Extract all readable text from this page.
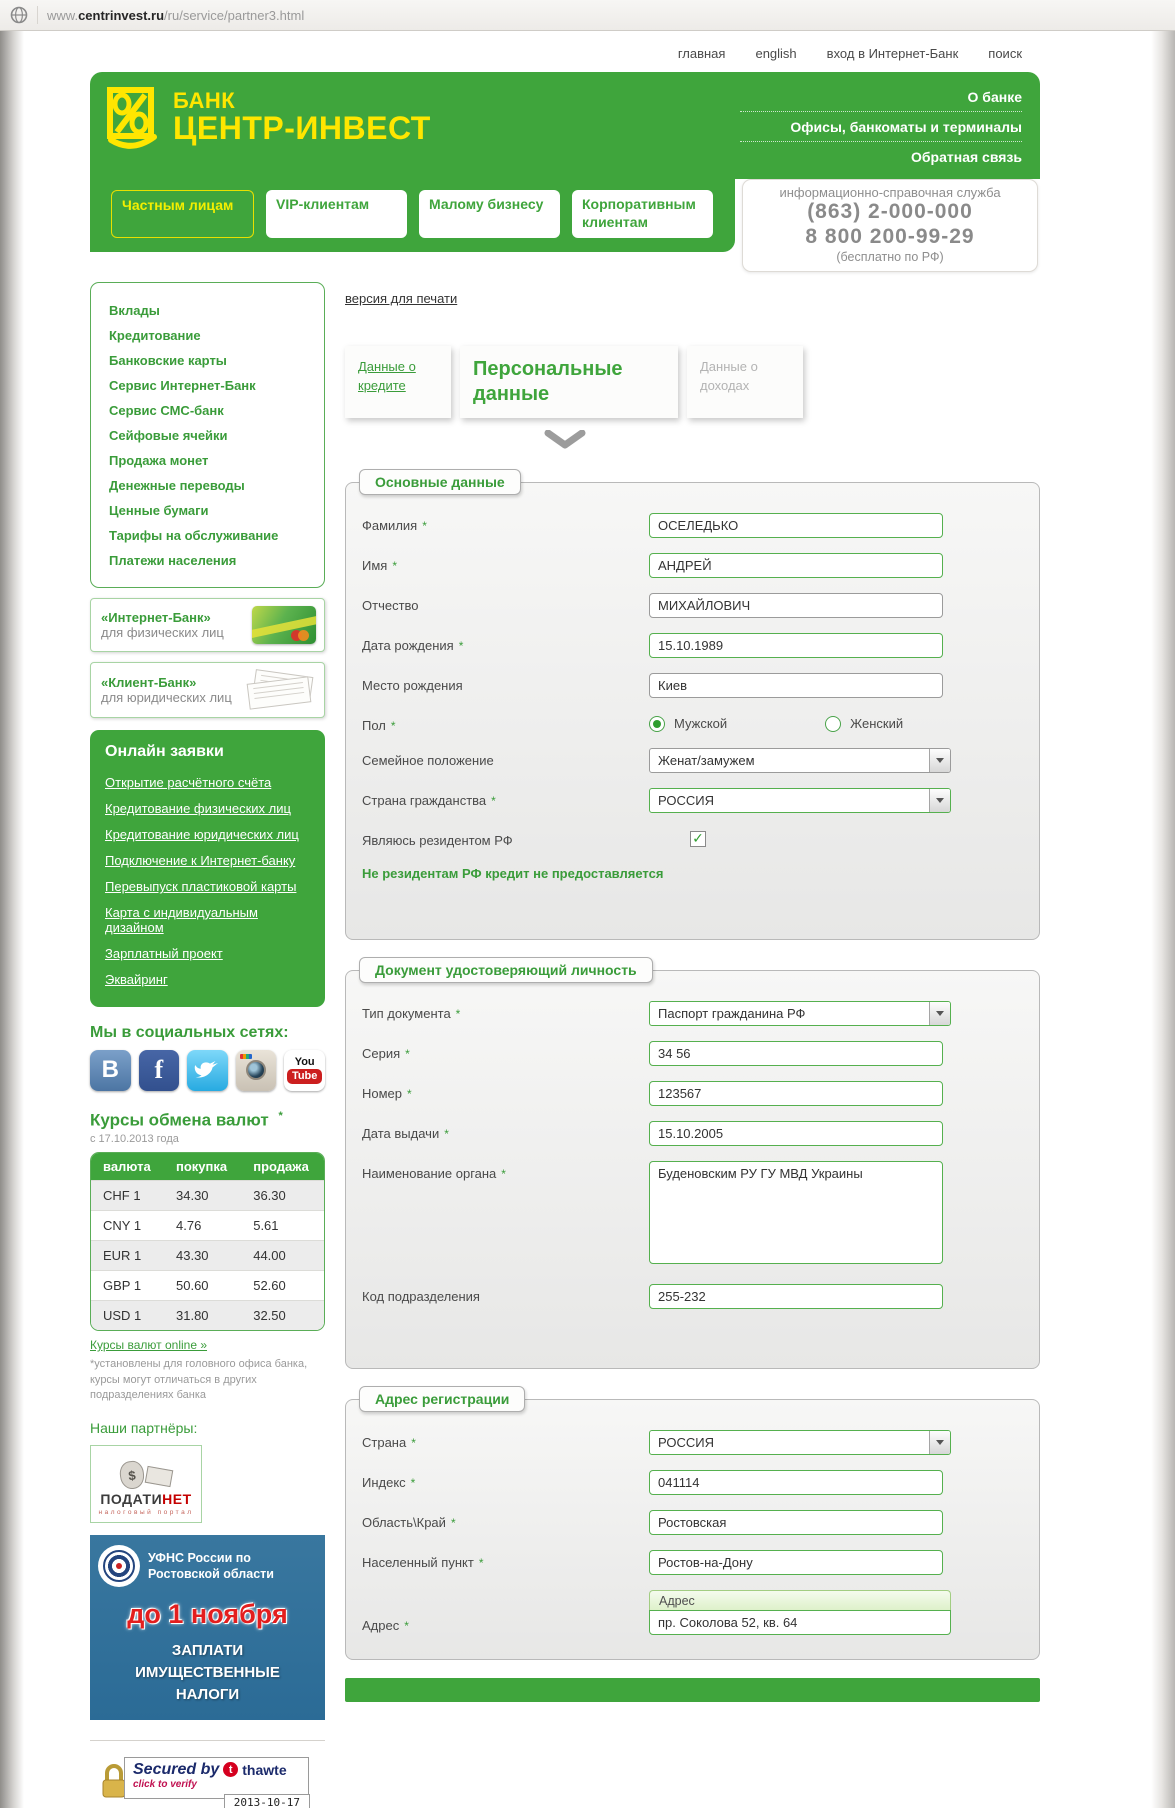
www.centrinvest.ru/ru/service/partner3.html
главная english вход в Интернет-Банк поиск
БАНК
ЦЕНТР-ИНВЕСТ
О банке
Офисы, банкоматы и терминалы
Обратная связь
Частным лицам	VIP-клиентам	Малому бизнесу	Корпоративным клиентам
информационно-справочная служба
(863) 2-000-000
8 800 200-99-29
(бесплатно по РФ)
Вклады
Кредитование
Банковские карты
Сервис Интернет-Банк
Сервис СМС-банк
Сейфовые ячейки
Продажа монет
Денежные переводы
Ценные бумаги
Тарифы на обслуживание
Платежи населения
«Интернет-Банк»
для физических лиц
«Клиент-Банк»
для юридических лиц
Онлайн заявки
Открытие расчётного счёта
Кредитование физических лиц
Кредитование юридических лиц
Подключение к Интернет-банку
Перевыпуск пластиковой карты
Карта с индивидуальным дизайном
Зарплатный проект
Эквайринг
Мы в социальных сетях:
В	f	You
Tube
Курсы обмена валют *
с 17.10.2013 года
валюта	покупка	продажа
CHF 1	34.30	36.30
CNY 1	4.76	5.61
EUR 1	43.30	44.00
GBP 1	50.60	52.60
USD 1	31.80	32.50
Курсы валют online »
*установлены для головного офиса банка, курсы могут отличаться в других подразделениях банка
Наши партнёры:
$
ПОДАТИНЕТ
налоговый портал
УФНС России по Ростовской области
до 1 ноября
ЗАПЛАТИ
ИМУЩЕСТВЕННЫЕ
НАЛОГИ
Secured by t thawte
click to verify
2013-10-17
версия для печати
Данные о кредите
Персональные данные
Данные о доходах
Основные данные
Фамилия *
ОСЕЛЕДЬКО
Имя *
АНДРЕЙ
Отчество
МИХАЙЛОВИЧ
Дата рождения *
15.10.1989
Место рождения
Киев
Пол *	Мужской	Женский
Семейное положение	Женат/замужем
Страна гражданства *	РОССИЯ
Являюсь резидентом РФ
✓
Не резидентам РФ кредит не предоставляется
Документ удостоверяющий личность
Тип документа *	Паспорт гражданина РФ
Серия *
34 56
Номер *
123567
Дата выдачи *
15.10.2005
Наименование органа *
Буденовским РУ ГУ МВД Украины
Код подразделения
255-232
Адрес регистрации
Страна *	РОССИЯ
Индекс *
041114
Область\Край *
Ростовская
Населенный пункт *
Ростов-на-Дону
Адрес *
Адрес
пр. Соколова 52, кв. 64
